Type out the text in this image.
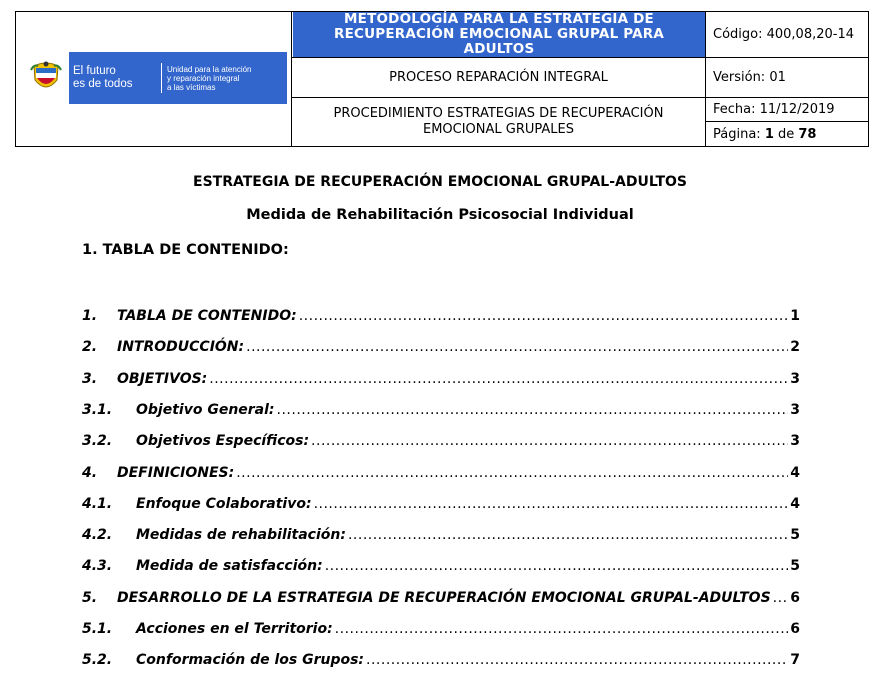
El futuro
es de todos
Unidad para la atención
y reparación integral
a las víctimas
METODOLOGÍA PARA LA ESTRATEGIA DE
RECUPERACIÓN EMOCIONAL GRUPAL PARA
ADULTOS
PROCESO REPARACIÓN INTEGRAL
PROCEDIMIENTO ESTRATEGIAS DE RECUPERACIÓN
EMOCIONAL GRUPALES
Código: 400,08,20-14
Versión: 01
Fecha: 11/12/2019
Página:
1
de
78
ESTRATEGIA DE RECUPERACIÓN EMOCIONAL GRUPAL-ADULTOS
Medida de Rehabilitación Psicosocial Individual
1. TABLA DE CONTENIDO:
1.	TABLA DE CONTENIDO: .....	1
2.	INTRODUCCIÓN: .....	2
3.	OBJETIVOS: .....	3
3.1.	Objetivo General: .....	3
3.2.	Objetivos Específicos: .....	3
4.	DEFINICIONES: .....	4
4.1.	Enfoque Colaborativo: .....	4
4.2.	Medidas de rehabilitación: .....	5
4.3.	Medida de satisfacción: .....	5
5.	DESARROLLO DE LA ESTRATEGIA DE RECUPERACIÓN EMOCIONAL GRUPAL-ADULTOS ..... 6
5.1.	Acciones en el Territorio: .....	6
5.2.	Conformación de los Grupos: .....	7
